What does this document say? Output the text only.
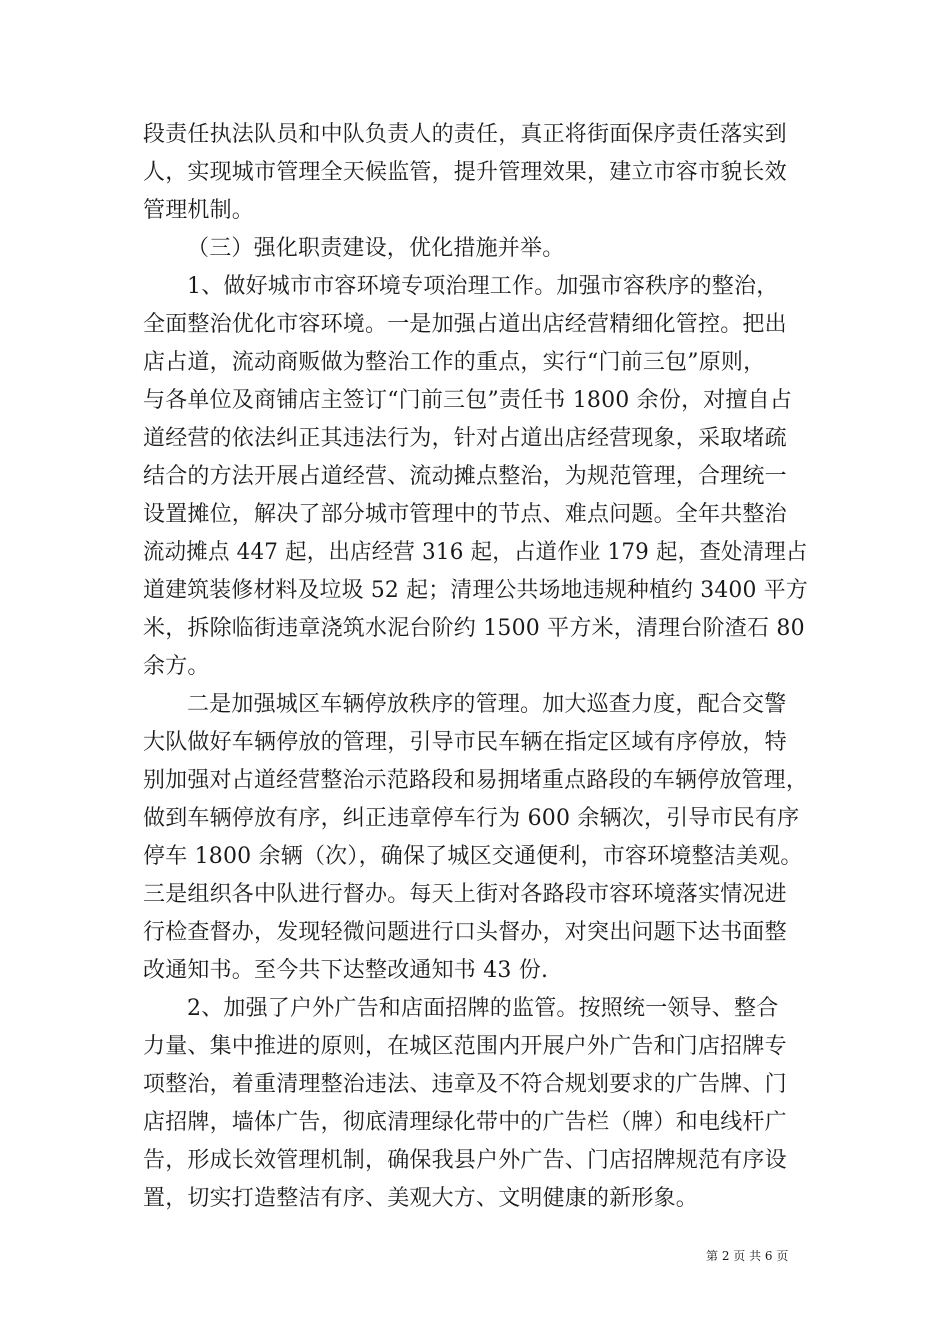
段责任执法队员和中队负责人的责任，真正将街面保序责任落实到
人，实现城市管理全天候监管，提升管理效果，建立市容市貌长效
管理机制。
（三）强化职责建设，优化措施并举。
1、做好城市市容环境专项治理工作。加强市容秩序的整治，
全面整治优化市容环境。一是加强占道出店经营精细化管控。把出
店占道，流动商贩做为整治工作的重点，实行“门前三包”原则，
与各单位及商铺店主签订“门前三包”责任书 1800 余份，对擅自占
道经营的依法纠正其违法行为，针对占道出店经营现象，采取堵疏
结合的方法开展占道经营、流动摊点整治，为规范管理，合理统一
设置摊位，解决了部分城市管理中的节点、难点问题。全年共整治
流动摊点 447 起，出店经营 316 起，占道作业 179 起，查处清理占
道建筑装修材料及垃圾 52 起；清理公共场地违规种植约 3400 平方
米，拆除临街违章浇筑水泥台阶约 1500 平方米，清理台阶渣石 80
余方。
二是加强城区车辆停放秩序的管理。加大巡查力度，配合交警
大队做好车辆停放的管理，引导市民车辆在指定区域有序停放，特
别加强对占道经营整治示范路段和易拥堵重点路段的车辆停放管理，
做到车辆停放有序，纠正违章停车行为 600 余辆次，引导市民有序
停车 1800 余辆（次），确保了城区交通便利，市容环境整洁美观。
三是组织各中队进行督办。每天上街对各路段市容环境落实情况进
行检查督办，发现轻微问题进行口头督办，对突出问题下达书面整
改通知书。至今共下达整改通知书 43 份.
2、加强了户外广告和店面招牌的监管。按照统一领导、整合
力量、集中推进的原则，在城区范围内开展户外广告和门店招牌专
项整治，着重清理整治违法、违章及不符合规划要求的广告牌、门
店招牌，墙体广告，彻底清理绿化带中的广告栏（牌）和电线杆广
告，形成长效管理机制，确保我县户外广告、门店招牌规范有序设
置，切实打造整洁有序、美观大方、文明健康的新形象。
第 2 页 共 6 页
